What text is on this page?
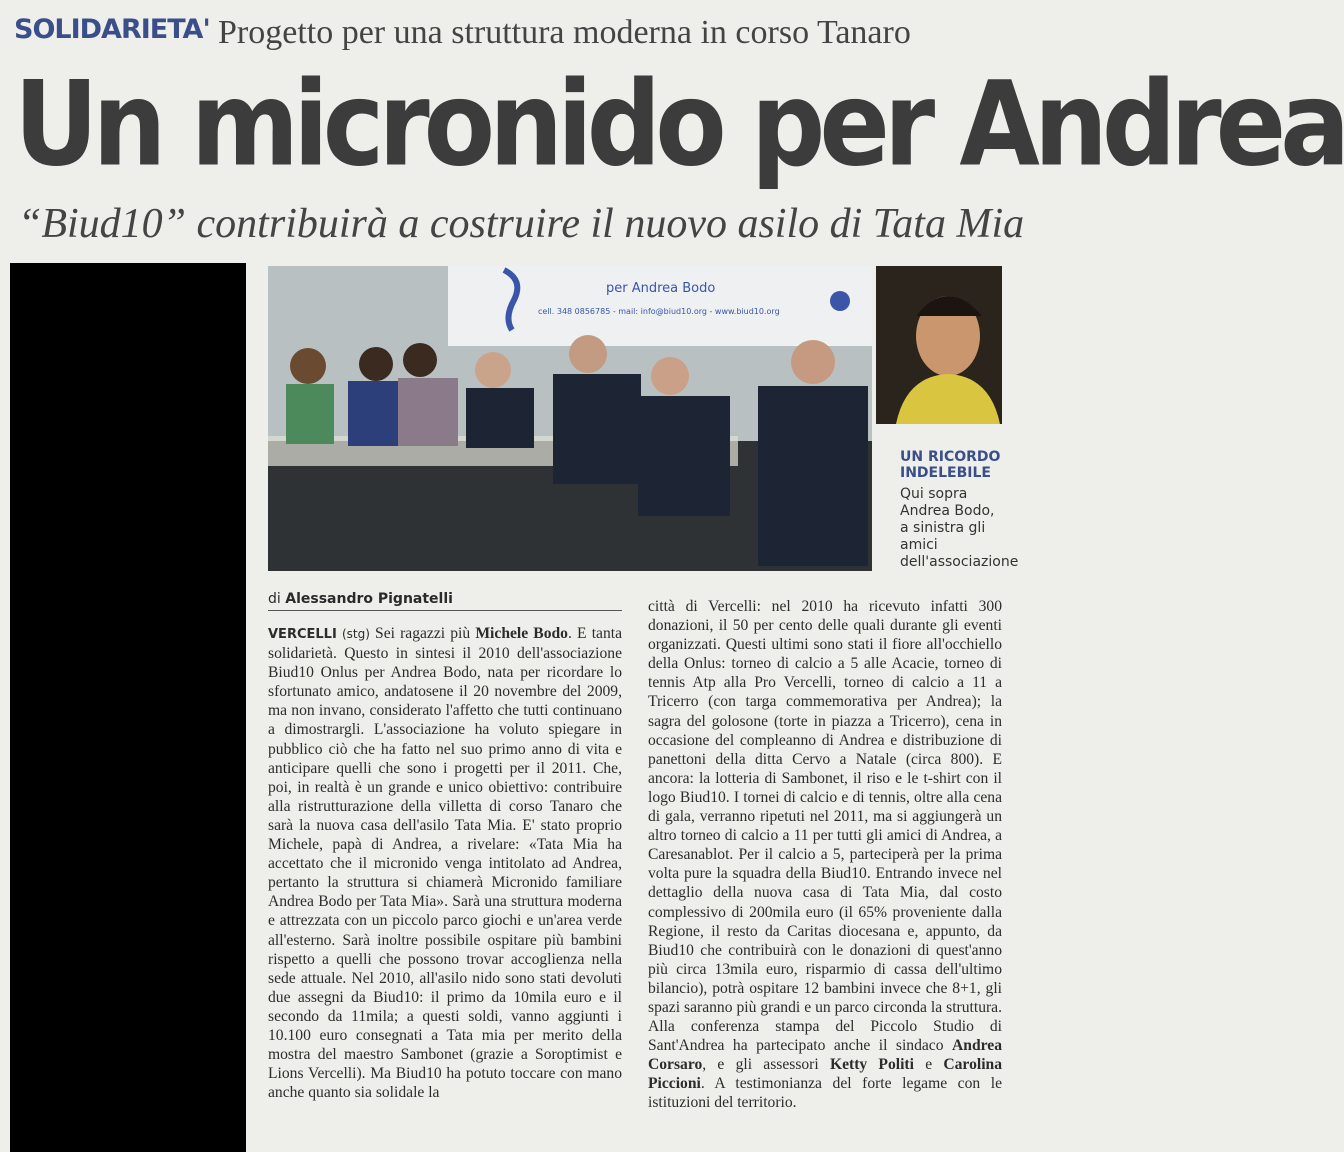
SOLIDARIETA' Progetto per una struttura moderna in corso Tanaro
Un micronido per Andrea
“Biud10” contribuirà a costruire il nuovo asilo di Tata Mia
per Andrea Bodo
cell. 348 0856785 - mail: info@biud10.org - www.biud10.org
UN RICORDO INDELEBILE
Qui sopra Andrea Bodo, a sinistra gli amici dell'associazione
di Alessandro Pignatelli
VERCELLI (stg) Sei ragazzi più Michele Bodo. E tanta solidarietà. Questo in sintesi il 2010 dell'associazione Biud10 Onlus per Andrea Bodo, nata per ricordare lo sfortunato amico, andatosene il 20 novembre del 2009, ma non invano, considerato l'affetto che tutti continuano a dimostrargli. L'associazione ha voluto spiegare in pubblico ciò che ha fatto nel suo primo anno di vita e anticipare quelli che sono i progetti per il 2011. Che, poi, in realtà è un grande e unico obiettivo: contribuire alla ristrutturazione della villetta di corso Tanaro che sarà la nuova casa dell'asilo Tata Mia. E' stato proprio Michele, papà di Andrea, a rivelare: «Tata Mia ha accettato che il micronido venga intitolato ad Andrea, pertanto la struttura si chiamerà Micronido familiare Andrea Bodo per Tata Mia». Sarà una struttura moderna e attrezzata con un piccolo parco giochi e un'area verde all'esterno. Sarà inoltre possibile ospitare più bambini rispetto a quelli che possono trovar accoglienza nella sede attuale. Nel 2010, all'asilo nido sono stati devoluti due assegni da Biud10: il primo da 10mila euro e il secondo da 11mila; a questi soldi, vanno aggiunti i 10.100 euro consegnati a Tata mia per merito della mostra del maestro Sambonet (grazie a Soroptimist e Lions Vercelli). Ma Biud10 ha potuto toccare con mano anche quanto sia solidale la
città di Vercelli: nel 2010 ha ricevuto infatti 300 donazioni, il 50 per cento delle quali durante gli eventi organizzati. Questi ultimi sono stati il fiore all'occhiello della Onlus: torneo di calcio a 5 alle Acacie, torneo di tennis Atp alla Pro Vercelli, torneo di calcio a 11 a Tricerro (con targa commemorativa per Andrea); la sagra del golosone (torte in piazza a Tricerro), cena in occasione del compleanno di Andrea e distribuzione di panettoni della ditta Cervo a Natale (circa 800). E ancora: la lotteria di Sambonet, il riso e le t-shirt con il logo Biud10. I tornei di calcio e di tennis, oltre alla cena di gala, verranno ripetuti nel 2011, ma si aggiungerà un altro torneo di calcio a 11 per tutti gli amici di Andrea, a Caresanablot. Per il calcio a 5, parteciperà per la prima volta pure la squadra della Biud10. Entrando invece nel dettaglio della nuova casa di Tata Mia, dal costo complessivo di 200mila euro (il 65% proveniente dalla Regione, il resto da Caritas diocesana e, appunto, da Biud10 che contribuirà con le donazioni di quest'anno più circa 13mila euro, risparmio di cassa dell'ultimo bilancio), potrà ospitare 12 bambini invece che 8+1, gli spazi saranno più grandi e un parco circonda la struttura. Alla conferenza stampa del Piccolo Studio di Sant'Andrea ha partecipato anche il sindaco Andrea Corsaro, e gli assessori Ketty Politi e Carolina Piccioni. A testimonianza del forte legame con le istituzioni del territorio.
